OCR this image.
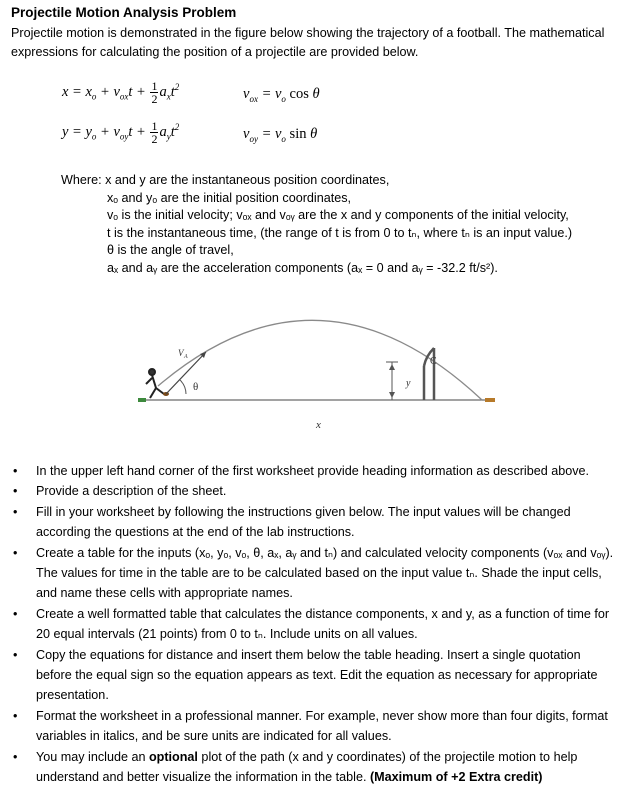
Projectile Motion Analysis Problem
Projectile motion is demonstrated in the figure below showing the trajectory of a football. The mathematical expressions for calculating the position of a projectile are provided below.
$x = x_o + v_{ox}t + \frac{1}{2} a_xt^2$
$y = y_o + v_{oy}t + \frac{1}{2} a_yt^2$
$v_{ox} = v_o$ cos θ
$v_{oy} = v_o$ sin θ
Where: x and y are the instantaneous position coordinates,
xₒ and yₒ are the initial position coordinates,
vₒ is the initial velocity; vₒₓ and vₒᵧ are the x and y components of the initial velocity,
t is the instantaneous time, (the range of t is from 0 to tₙ, where tₙ is an input value.)
θ is the angle of travel,
aₓ and aᵧ are the acceleration components (aₓ = 0 and aᵧ = -32.2 ft/s²).
V A
θ	y
C
x
• In the upper left hand corner of the first worksheet provide heading information as described above.
• Provide a description of the sheet.
• Fill in your worksheet by following the instructions given below. The input values will be changed according the questions at the end of the lab instructions.
• Create a table for the inputs (xₒ, yₒ, vₒ, θ, aₓ, aᵧ and tₙ) and calculated velocity components (vₒₓ and vₒᵧ). The values for time in the table are to be calculated based on the input value tₙ. Shade the input cells, and name these cells with appropriate names.
• Create a well formatted table that calculates the distance components, x and y, as a function of time for 20 equal intervals (21 points) from 0 to tₙ. Include units on all values.
• Copy the equations for distance and insert them below the table heading. Insert a single quotation before the equal sign so the equation appears as text. Edit the equation as necessary for appropriate presentation.
• Format the worksheet in a professional manner. For example, never show more than four digits, format variables in italics, and be sure units are indicated for all values.
• You may include an optional plot of the path (x and y coordinates) of the projectile motion to help understand and better visualize the information in the table. (Maximum of +2 Extra credit)
